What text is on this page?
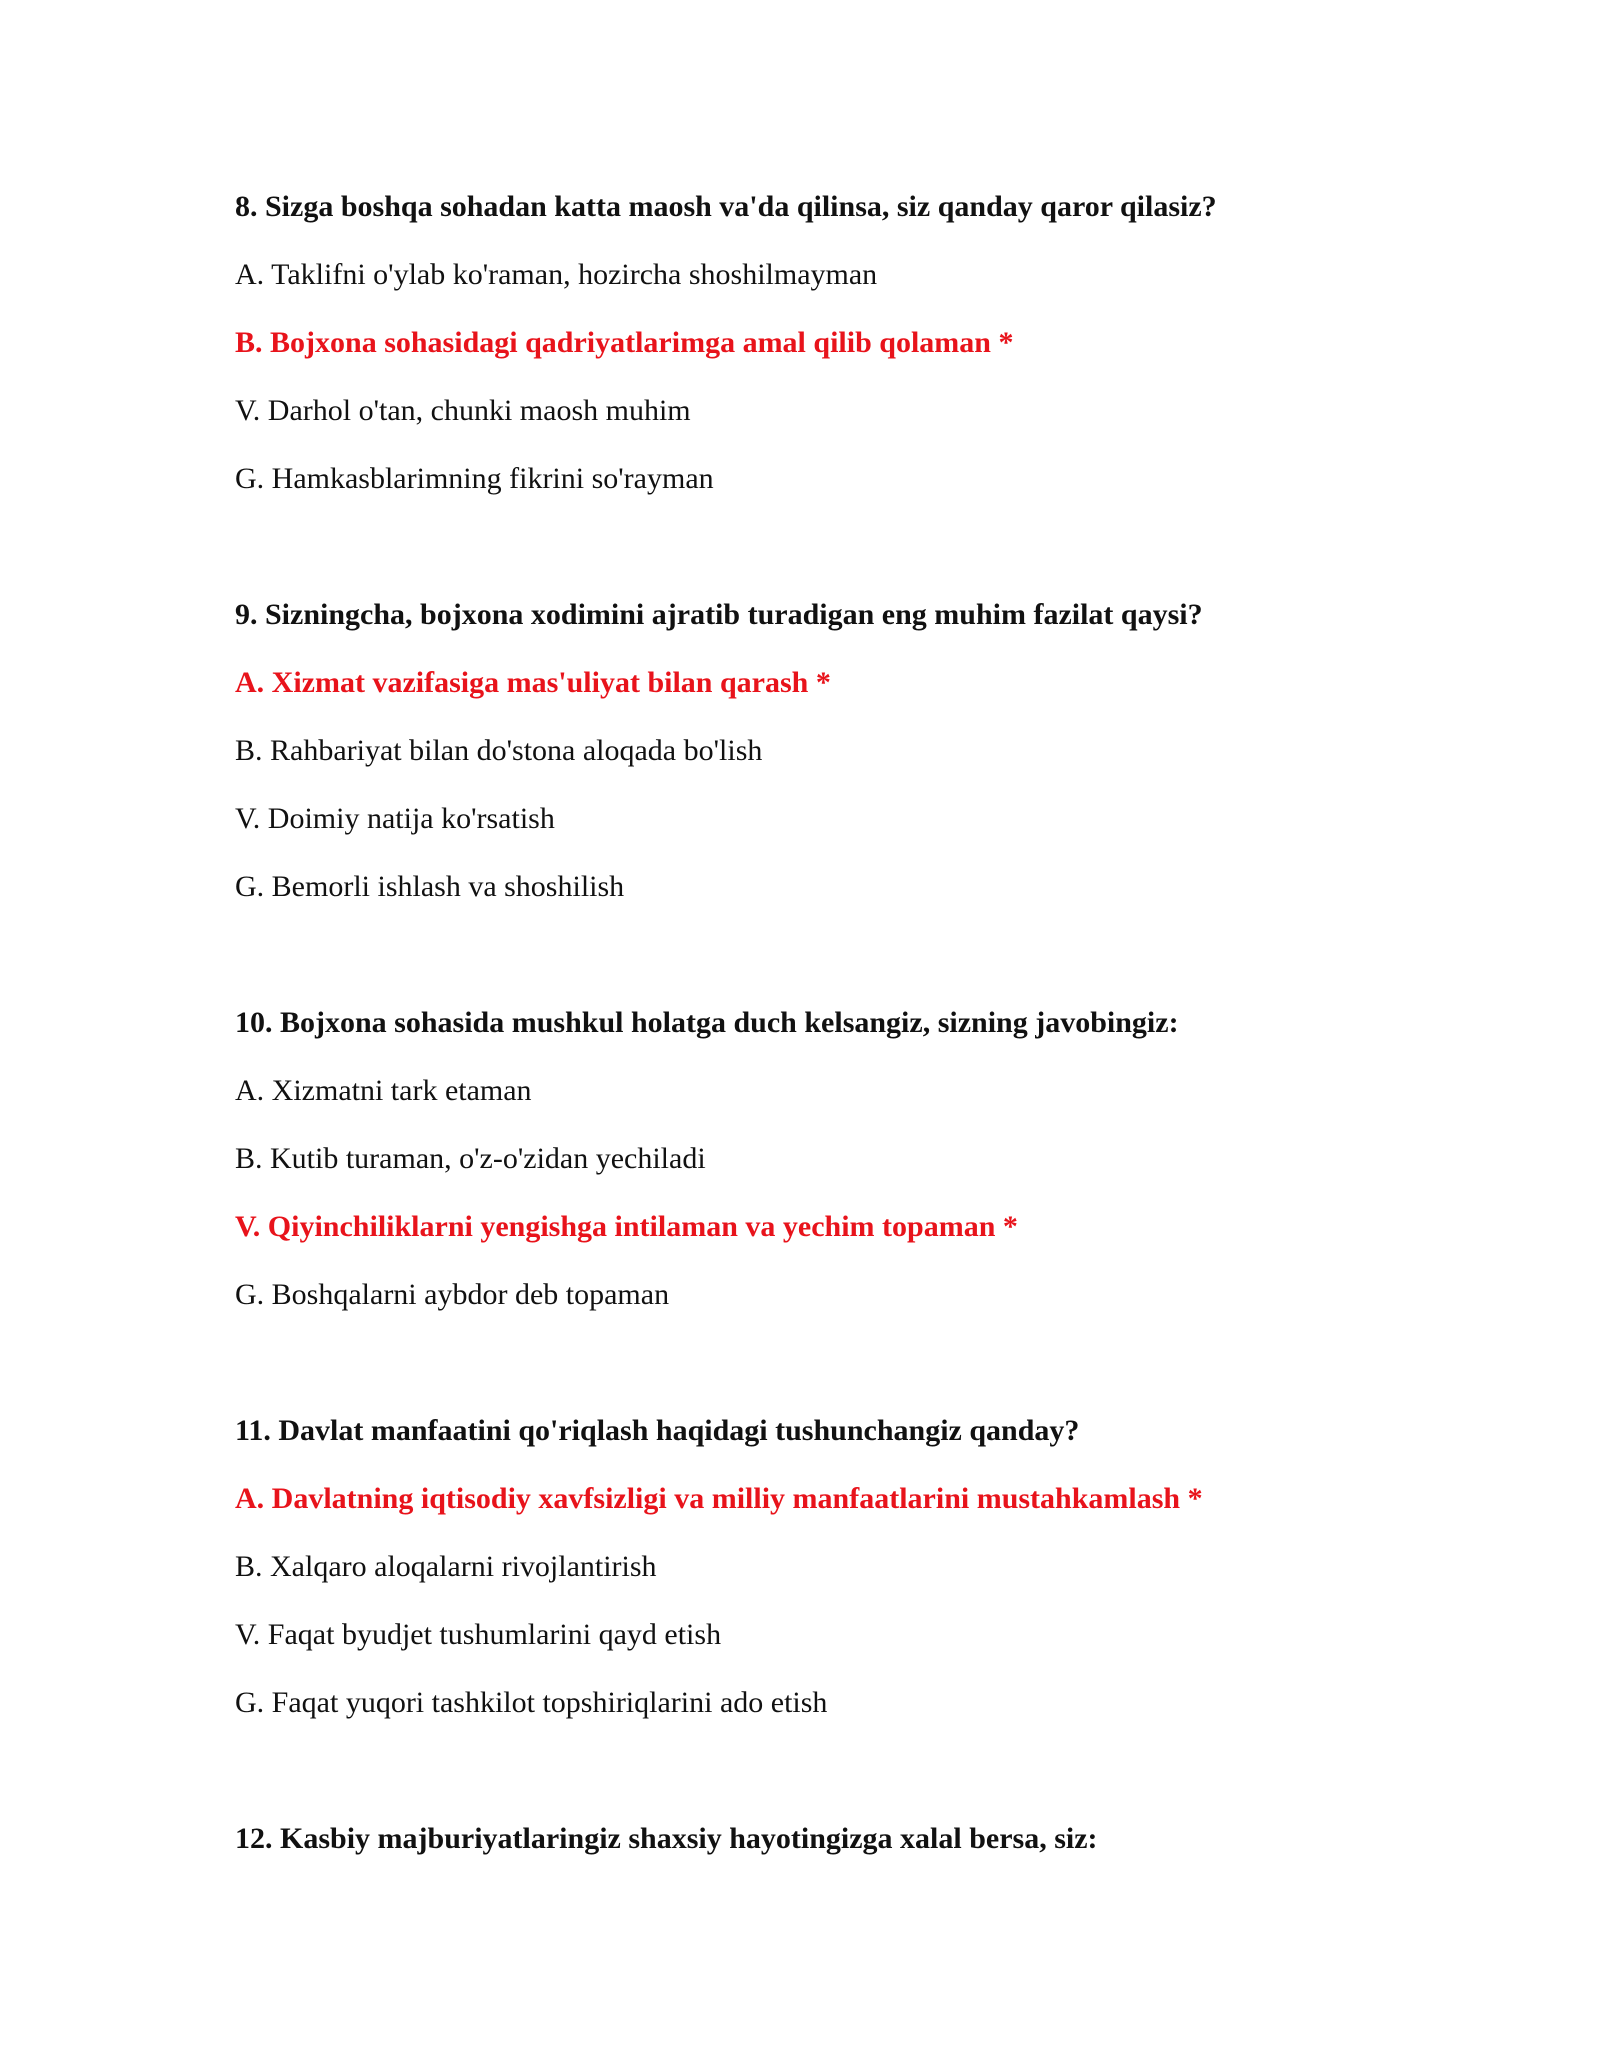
8. Sizga boshqa sohadan katta maosh va'da qilinsa, siz qanday qaror qilasiz?

A. Taklifni o'ylab ko'raman, hozircha shoshilmayman

B. Bojxona sohasidagi qadriyatlarimga amal qilib qolaman *

V. Darhol o'tan, chunki maosh muhim

G. Hamkasblarimning fikrini so'rayman

9. Sizningcha, bojxona xodimini ajratib turadigan eng muhim fazilat qaysi?

A. Xizmat vazifasiga mas'uliyat bilan qarash *

B. Rahbariyat bilan do'stona aloqada bo'lish

V. Doimiy natija ko'rsatish

G. Bemorli ishlash va shoshilish

10. Bojxona sohasida mushkul holatga duch kelsangiz, sizning javobingiz:

A. Xizmatni tark etaman

B. Kutib turaman, o'z-o'zidan yechiladi

V. Qiyinchiliklarni yengishga intilaman va yechim topaman *

G. Boshqalarni aybdor deb topaman

11. Davlat manfaatini qo'riqlash haqidagi tushunchangiz qanday?

A. Davlatning iqtisodiy xavfsizligi va milliy manfaatlarini mustahkamlash *

B. Xalqaro aloqalarni rivojlantirish

V. Faqat byudjet tushumlarini qayd etish

G. Faqat yuqori tashkilot topshiriqlarini ado etish

12. Kasbiy majburiyatlaringiz shaxsiy hayotingizga xalal bersa, siz:
